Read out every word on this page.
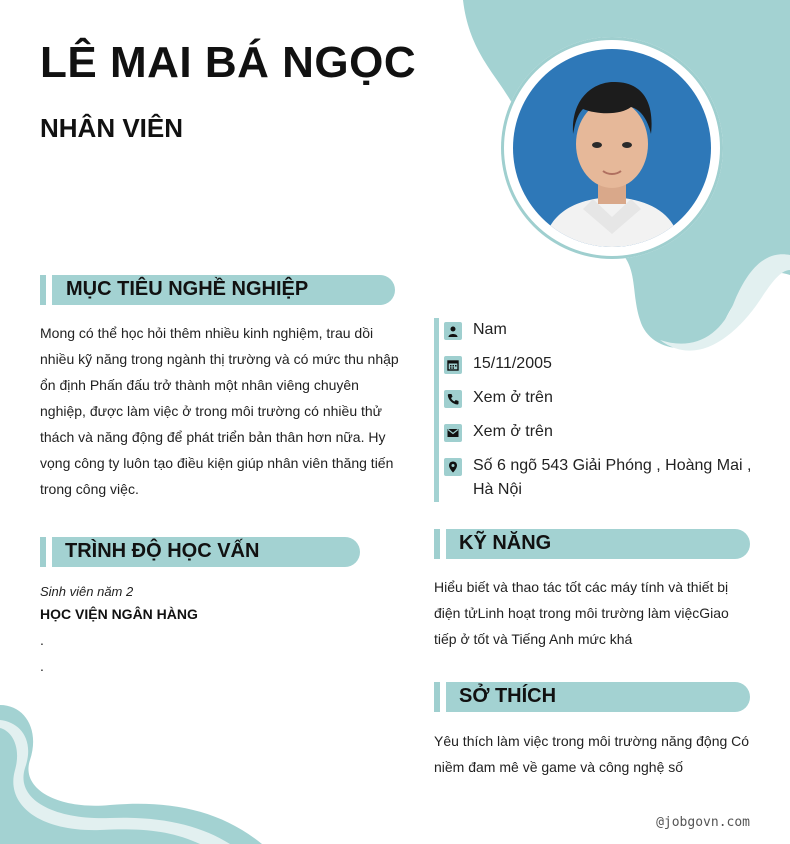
LÊ MAI BÁ NGỌC
NHÂN VIÊN
MỤC TIÊU NGHỀ NGHIỆP

Mong có thể học hỏi thêm nhiều kinh nghiệm, trau dồi nhiều kỹ năng trong ngành thị trường và có mức thu nhập ổn định Phấn đấu trở thành một nhân viêng chuyên nghiệp, được làm việc ở trong môi trường có nhiều thử thách và năng động để phát triển bản thân hơn nữa. Hy vọng công ty luôn tạo điều kiện giúp nhân viên thăng tiến trong công việc.

TRÌNH ĐỘ HỌC VẤN
Sinh viên năm 2
HỌC VIỆN NGÂN HÀNG
.
.
Nam
15/11/2005
Xem ở trên
Xem ở trên
Số 6 ngõ 543 Giải Phóng , Hoàng Mai , Hà Nội
KỸ NĂNG

Hiểu biết và thao tác tốt các máy tính và thiết bị điện tửLinh hoạt trong môi trường làm việcGiao tiếp ở tốt và Tiếng Anh mức khá

SỞ THÍCH

Yêu thích làm việc trong môi trường năng động Có niềm đam mê về game và công nghệ số

@jobgovn.com
